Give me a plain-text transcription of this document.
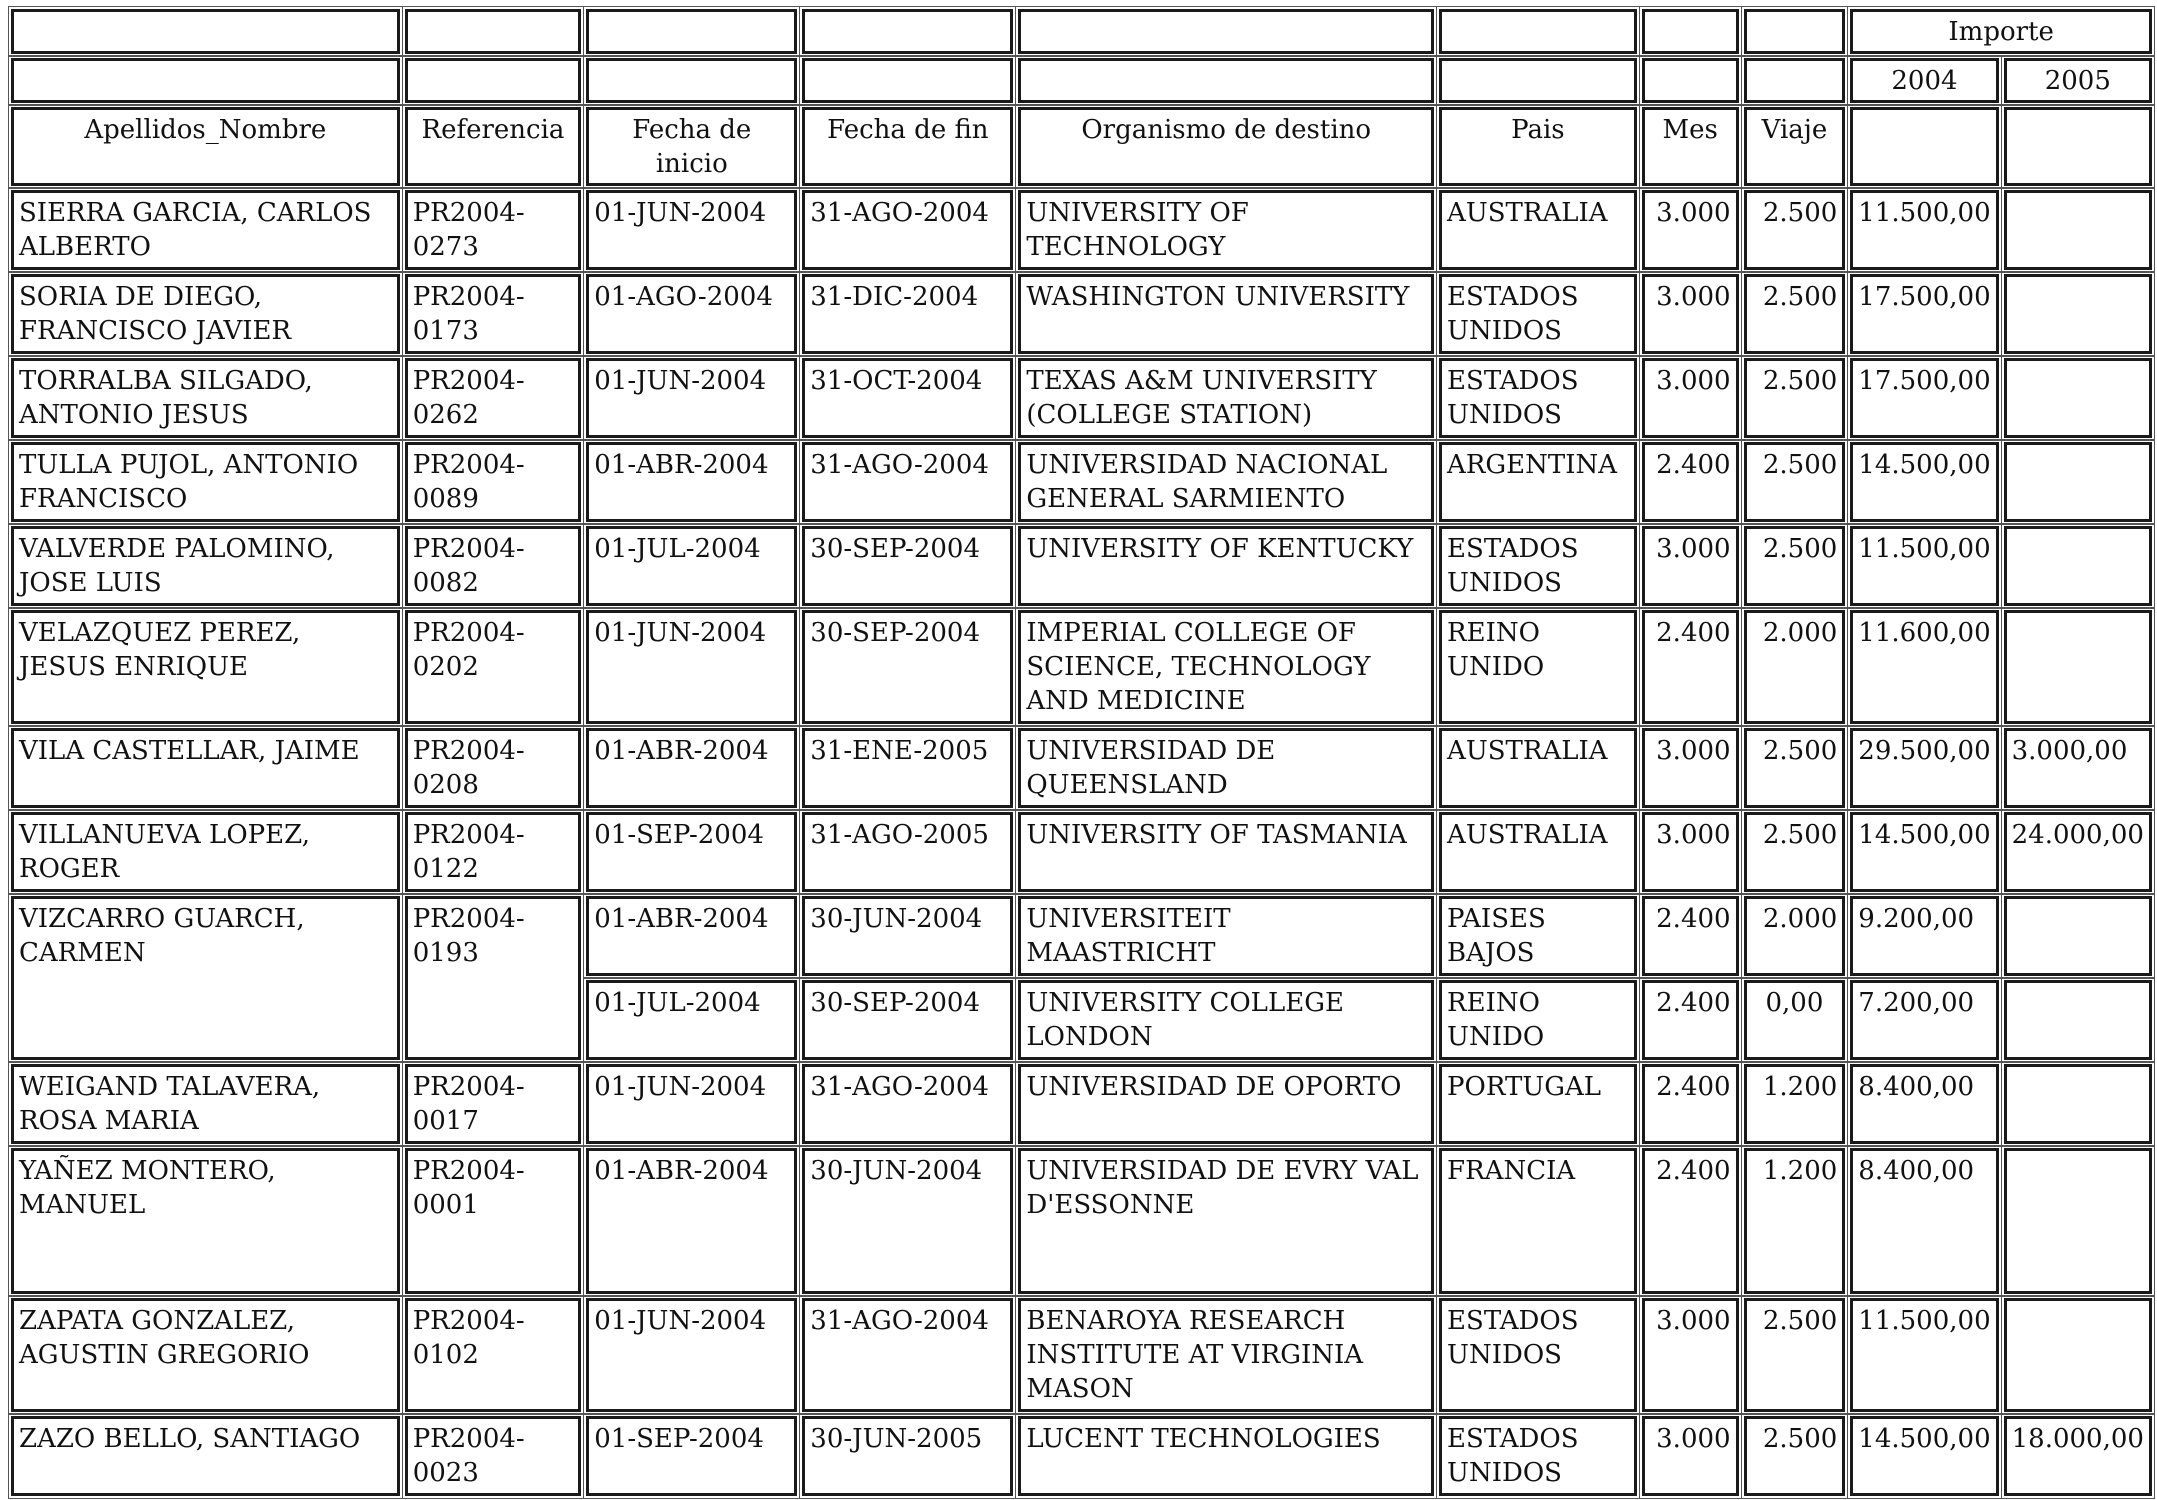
								Importe	
								2004	2005
Apellidos_Nombre	Referencia	Fecha de inicio	Fecha de fin	Organismo de destino	Pais	Mes	Viaje		
SIERRA GARCIA, CARLOS ALBERTO	PR2004-0273	01-JUN-2004	31-AGO-2004	UNIVERSITY OF TECHNOLOGY	AUSTRALIA	3.000	2.500	11.500,00	
SORIA DE DIEGO, FRANCISCO JAVIER	PR2004-0173	01-AGO-2004	31-DIC-2004	WASHINGTON UNIVERSITY	ESTADOS UNIDOS	3.000	2.500	17.500,00	
TORRALBA SILGADO, ANTONIO JESUS	PR2004-0262	01-JUN-2004	31-OCT-2004	TEXAS A&M UNIVERSITY (COLLEGE STATION)	ESTADOS UNIDOS	3.000	2.500	17.500,00	
TULLA PUJOL, ANTONIO FRANCISCO	PR2004-0089	01-ABR-2004	31-AGO-2004	UNIVERSIDAD NACIONAL GENERAL SARMIENTO	ARGENTINA	2.400	2.500	14.500,00	
VALVERDE PALOMINO, JOSE LUIS	PR2004-0082	01-JUL-2004	30-SEP-2004	UNIVERSITY OF KENTUCKY	ESTADOS UNIDOS	3.000	2.500	11.500,00	
VELAZQUEZ PEREZ, JESUS ENRIQUE	PR2004-0202	01-JUN-2004	30-SEP-2004	IMPERIAL COLLEGE OF SCIENCE, TECHNOLOGY AND MEDICINE	REINO UNIDO	2.400	2.000	11.600,00	
VILA CASTELLAR, JAIME	PR2004-0208	01-ABR-2004	31-ENE-2005	UNIVERSIDAD DE QUEENSLAND	AUSTRALIA	3.000	2.500	29.500,00	3.000,00
VILLANUEVA LOPEZ, ROGER	PR2004-0122	01-SEP-2004	31-AGO-2005	UNIVERSITY OF TASMANIA	AUSTRALIA	3.000	2.500	14.500,00	24.000,00
VIZCARRO GUARCH, CARMEN	PR2004-0193	01-ABR-2004	30-JUN-2004	UNIVERSITEIT MAASTRICHT	PAISES BAJOS	2.400	2.000	9.200,00	
		01-JUL-2004	30-SEP-2004	UNIVERSITY COLLEGE LONDON	REINO UNIDO	2.400	0,00	7.200,00	
WEIGAND TALAVERA, ROSA MARIA	PR2004-0017	01-JUN-2004	31-AGO-2004	UNIVERSIDAD DE OPORTO	PORTUGAL	2.400	1.200	8.400,00	
YAÑEZ MONTERO, MANUEL	PR2004-0001	01-ABR-2004	30-JUN-2004	UNIVERSIDAD DE EVRY VAL D'ESSONNE	FRANCIA	2.400	1.200	8.400,00	
ZAPATA GONZALEZ, AGUSTIN GREGORIO	PR2004-0102	01-JUN-2004	31-AGO-2004	BENAROYA RESEARCH INSTITUTE AT VIRGINIA MASON	ESTADOS UNIDOS	3.000	2.500	11.500,00	
ZAZO BELLO, SANTIAGO	PR2004-0023	01-SEP-2004	30-JUN-2005	LUCENT TECHNOLOGIES	ESTADOS UNIDOS	3.000	2.500	14.500,00	18.000,00
